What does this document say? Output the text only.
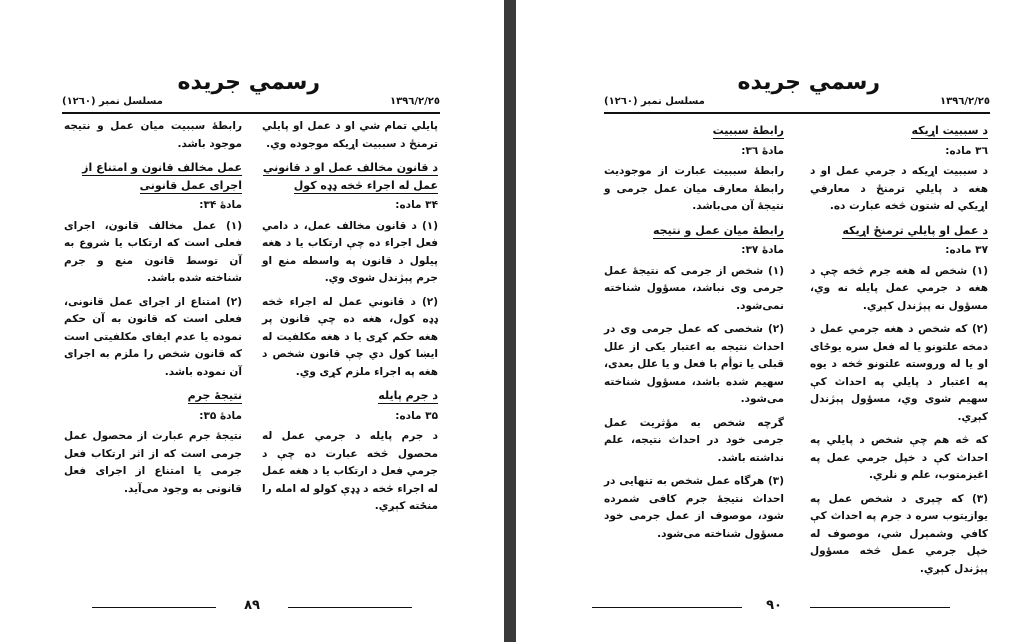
رسمي جريده
۱۳۹٦/٢/٢٥
مسلسل نمبر (۱۲٦۰)

پايلي تمام شي او د عمل او پايلي ترمنځ د سببيت اړيکه موجوده وي.

د قانون مخالف عمل او د قانوني عمل له اجراء څخه ډډه کول
۳۴ ماده:

(۱) د قانون مخالف عمل، د دامي فعل اجراء ده چې ارتکاب يا د هغه پيلول د قانون په واسطه منع او جرم پېژندل شوی وي.

(۲) د قانوني عمل له اجراء څخه ډډه کول، هغه ده چې قانون پر هغه حکم کړی يا د هغه مکلفيت له ايښا کول دي چې قانون شخص د هغه په اجراء ملزم کړی وي.

د جرم پايله
۳۵ ماده:

د جرم پايله د جرمي عمل له محصول څخه عبارت ده چې د جرمي فعل د ارتکاب يا د هغه عمل له اجراء څخه د ډډې کولو له امله را منځته کېږي.

رابطهٔ سببيت ميان عمل و نتيجه موجود باشد.

عمل مخالف قانون و امتناع از اجرای عمل قانونی
مادهٔ ۳۴:

(۱) عمل مخالف قانون، اجرای فعلی است که ارتکاب يا شروع به آن توسط قانون منع و جرم شناخته شده باشد.

(۲) امتناع از اجرای عمل قانونی، فعلی است که قانون به آن حکم نموده يا عدم ايفای مکلفيتی است که قانون شخص را ملزم به اجرای آن نموده باشد.

نتيجهٔ جرم
مادهٔ ۳۵:

نتيجهٔ جرم عبارت از محصول عمل جرمی است که از اثر ارتکاب فعل جرمی يا امتناع از اجرای فعل قانونی به وجود می‌آيد.

۸۹
رسمي جريده
۱۳۹٦/٢/٢٥
مسلسل نمبر (۱۲٦۰)
د سببيت اړيکه
۳٦ ماده:

د سببيت اړيکه د جرمي عمل او د هغه د پايلي ترمنځ د معارفي اړيکي له شتون څخه عبارت ده.

د عمل او پايلي ترمنځ اړيکه
۳۷ ماده:

(۱) شخص له هغه جرم څخه چې د هغه د جرمي عمل پايله نه وي، مسؤول نه پېژندل کېږي.

(۲) که شخص د هغه جرمي عمل د دمخه علتونو يا له فعل سره يوځای او يا له وروسته علتونو څخه د يوه په اعتبار د پايلي په احداث کې سهيم شوی وي، مسؤول پېژندل کېږي.

که څه هم چې شخص د پايلي په احداث کې د خپل جرمي عمل په اغيزمتوب، علم و نلري.

(۳) که چېری د شخص عمل په يوازيتوب سره د جرم په احداث کې کافي وشمېرل شي، موصوف له خپل جرمي عمل څخه مسؤول پېژندل کېږي.

رابطهٔ سببيت
مادهٔ ۳٦:

رابطهٔ سببيت عبارت از موجوديت رابطهٔ معارف ميان عمل جرمی و نتيجهٔ آن می‌باشد.

رابطهٔ ميان عمل و نتيجه
مادهٔ ۳۷:

(۱) شخص از جرمی که نتيجهٔ عمل جرمی وی نباشد، مسؤول شناخته نمی‌شود.

(۲) شخصی که عمل جرمی وی در احداث نتيجه به اعتبار يکی از علل قبلی يا توأم با فعل و يا علل بعدی، سهيم شده باشد، مسؤول شناخته می‌شود.

گرچه شخص به مؤثريت عمل جرمی خود در احداث نتيجه، علم نداشته باشد.

(۳) هرگاه عمل شخص به تنهايی در احداث نتيجهٔ جرم کافی شمرده شود، موصوف از عمل جرمی خود مسؤول شناخته می‌شود.

۹۰
